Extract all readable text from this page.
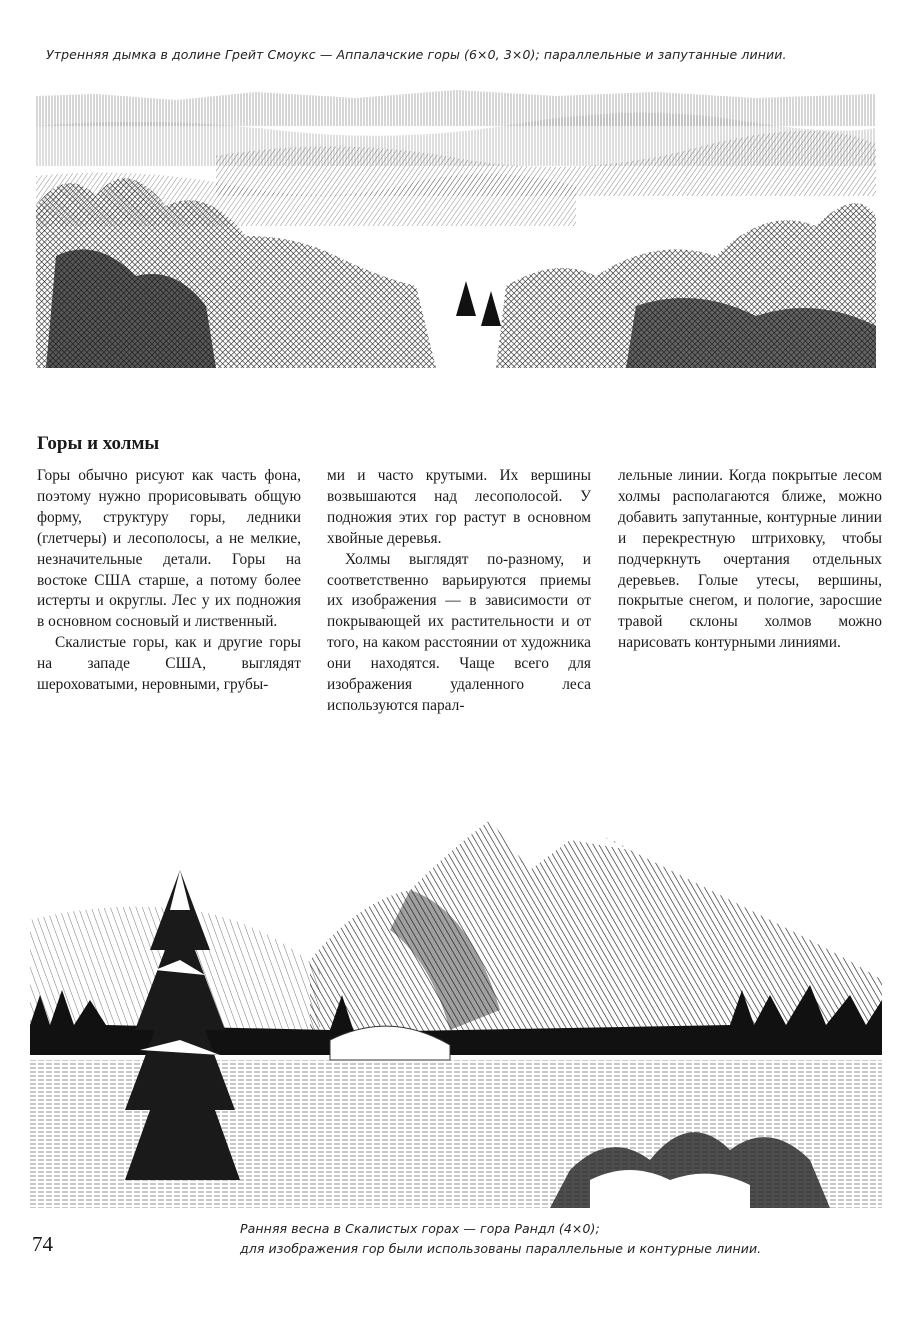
Утренняя дымка в долине Грейт Смоукс — Аппалачские горы (6×0, 3×0); параллельные и запутанные линии.
Горы и холмы

Горы обычно рисуют как часть фона, поэтому нужно прорисовывать общую форму, структуру горы, ледники (глетчеры) и лесополосы, а не мелкие, незначительные детали. Горы на востоке США старше, а потому более истерты и округлы. Лес у их подножия в основном сосновый и лиственный.

Скалистые горы, как и другие горы на западе США, выглядят шероховатыми, неровными, грубы-

ми и часто крутыми. Их вершины возвышаются над лесополосой. У подножия этих гор растут в основном хвойные деревья.

Холмы выглядят по-разному, и соответственно варьируются приемы их изображения — в зависимости от покрывающей их растительности и от того, на каком расстоянии от художника они находятся. Чаще всего для изображения удаленного леса используются парал-

лельные линии. Когда покрытые лесом холмы располагаются ближе, можно добавить запутанные, контурные линии и перекрестную штриховку, чтобы подчеркнуть очертания отдельных деревьев. Голые утесы, вершины, покрытые снегом, и пологие, заросшие травой склоны холмов можно нарисовать контурными линиями.

Ранняя весна в Скалистых горах — гора Рандл (4×0);
для изображения гор были использованы параллельные и контурные линии.
74
